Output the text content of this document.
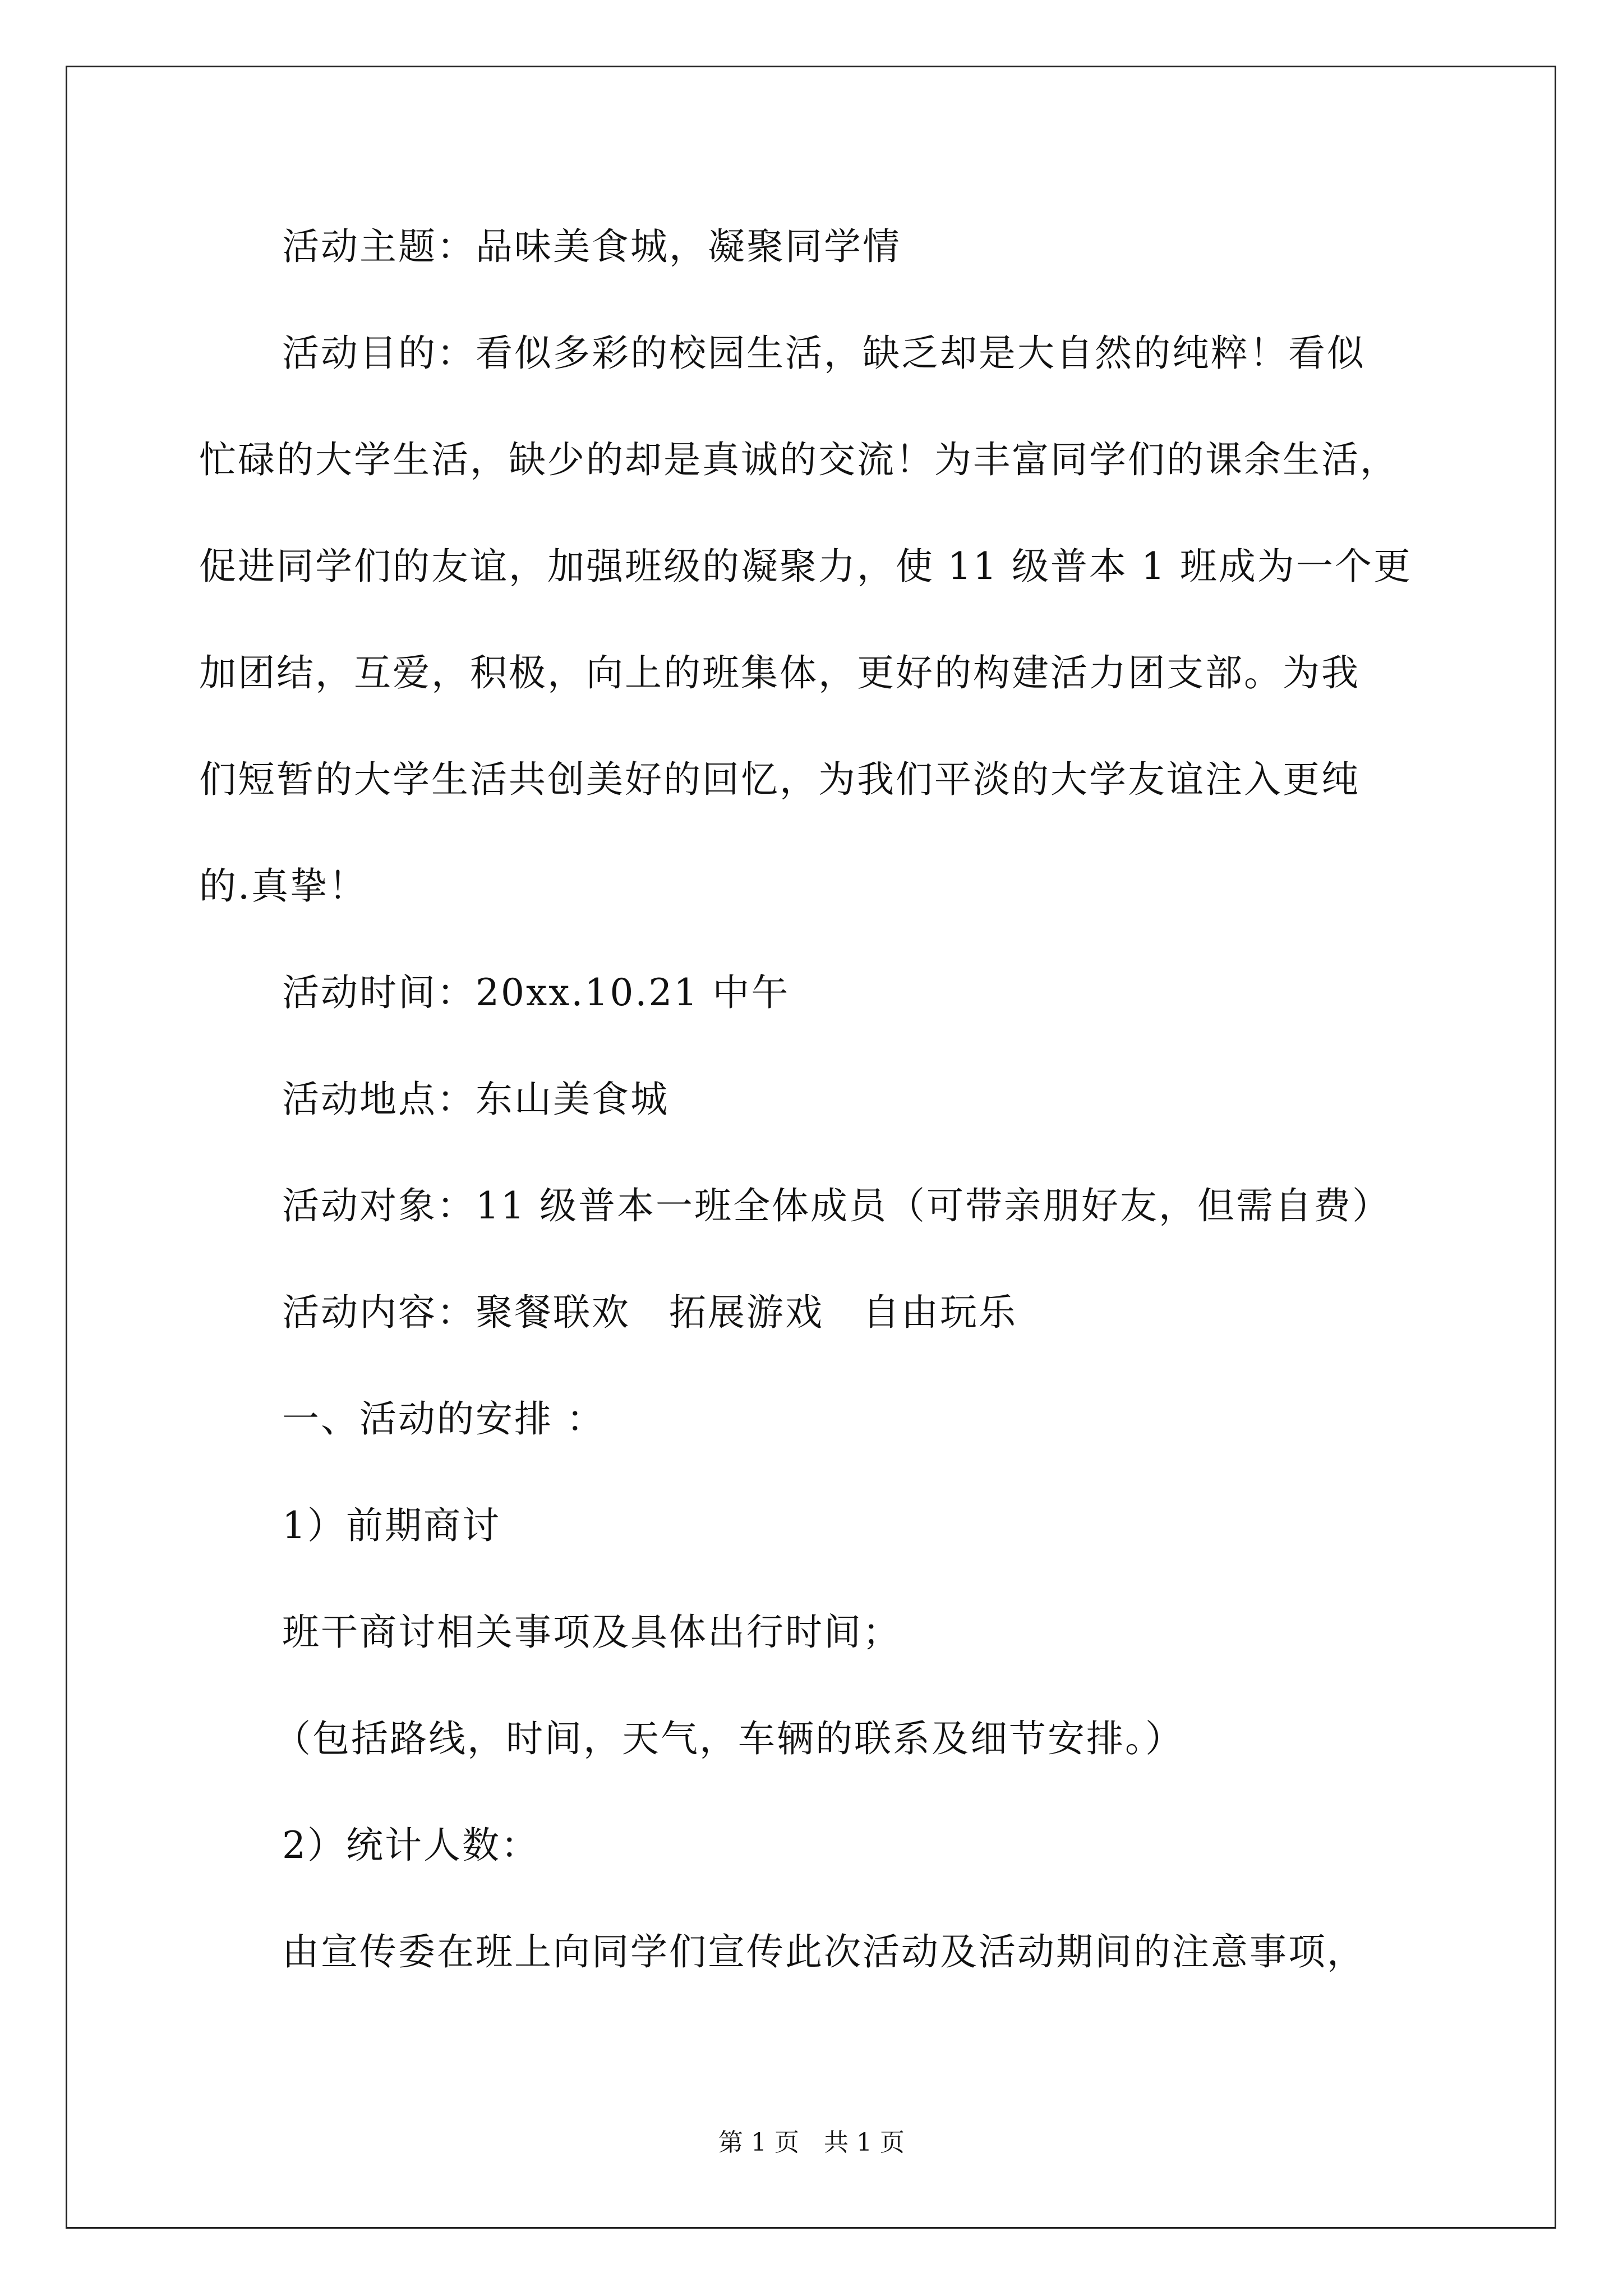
活动主题：品味美食城，凝聚同学情
活动目的：看似多彩的校园生活，缺乏却是大自然的纯粹！看似
忙碌的大学生活，缺少的却是真诚的交流！为丰富同学们的课余生活，
促进同学们的友谊，加强班级的凝聚力，使 11 级普本 1 班成为一个更
加团结，互爱，积极，向上的班集体，更好的构建活力团支部。为我
们短暂的大学生活共创美好的回忆，为我们平淡的大学友谊注入更纯
的.真挚！
活动时间：20xx.10.21 中午
活动地点：东山美食城
活动对象：11 级普本一班全体成员（可带亲朋好友，但需自费）
活动内容：聚餐联欢　拓展游戏　自由玩乐
一、活动的安排 ：
1）前期商讨
班干商讨相关事项及具体出行时间；
（包括路线，时间，天气，车辆的联系及细节安排。）
2）统计人数：
由宣传委在班上向同学们宣传此次活动及活动期间的注意事项，
第 1 页　共 1 页
